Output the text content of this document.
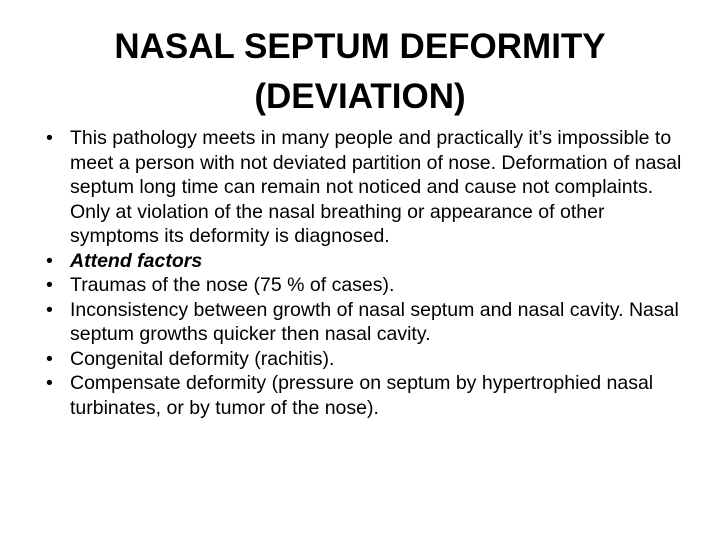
NASAL SEPTUM DEFORMITY
(DEVIATION)
• This pathology meets in many people and practically it’s impossible to meet a person with not deviated partition of nose. Deformation of nasal septum long time can remain not noticed and cause not complaints. Only at violation of the nasal breathing or appearance of other symptoms its deformity is diagnosed.
• Attend factors
• Traumas of the nose (75 % of cases).
• Inconsistency between growth of nasal septum and nasal cavity. Nasal septum growths quicker then nasal cavity.
• Congenital deformity (rachitis).
• Compensate deformity (pressure on septum by hypertrophied nasal turbinates, or by tumor of the nose).
